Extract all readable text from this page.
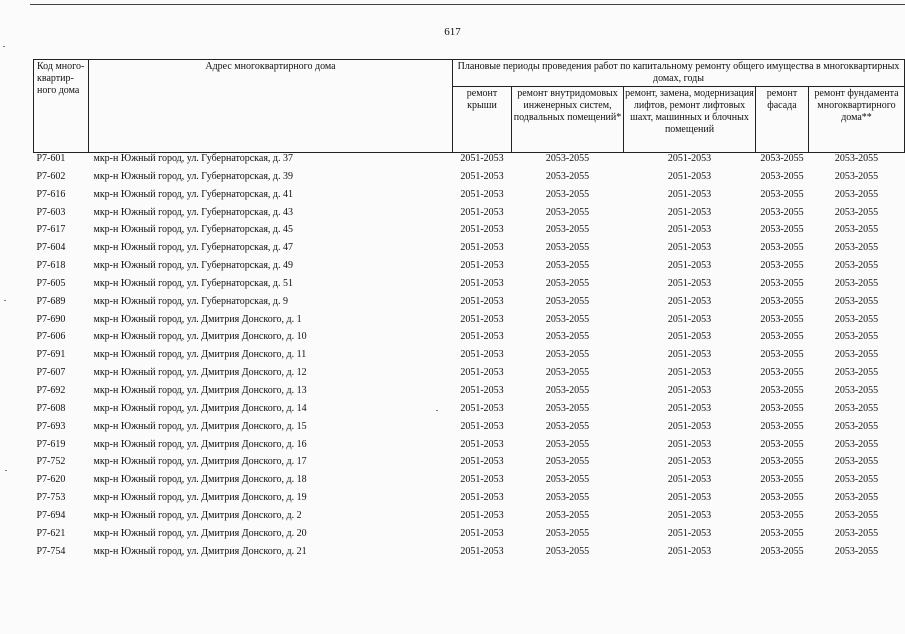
617
Код много-квартир-ного дома	Адрес многоквартирного дома	Плановые периоды проведения работ по капитальному ремонту общего имущества в многоквартирных домах, годы				
		ремонт крыши	ремонт внутридомовых инженерных систем, подвальных помещений*	ремонт, замена, модернизация лифтов, ремонт лифтовых шахт, машинных и блочных помещений	ремонт фасада	ремонт фундамента многоквартирного дома**
Р7-601	мкр-н Южный город, ул. Губернаторская, д. 37	2051-2053	2053-2055	2051-2053	2053-2055	2053-2055
Р7-602	мкр-н Южный город, ул. Губернаторская, д. 39	2051-2053	2053-2055	2051-2053	2053-2055	2053-2055
Р7-616	мкр-н Южный город, ул. Губернаторская, д. 41	2051-2053	2053-2055	2051-2053	2053-2055	2053-2055
Р7-603	мкр-н Южный город, ул. Губернаторская, д. 43	2051-2053	2053-2055	2051-2053	2053-2055	2053-2055
Р7-617	мкр-н Южный город, ул. Губернаторская, д. 45	2051-2053	2053-2055	2051-2053	2053-2055	2053-2055
Р7-604	мкр-н Южный город, ул. Губернаторская, д. 47	2051-2053	2053-2055	2051-2053	2053-2055	2053-2055
Р7-618	мкр-н Южный город, ул. Губернаторская, д. 49	2051-2053	2053-2055	2051-2053	2053-2055	2053-2055
Р7-605	мкр-н Южный город, ул. Губернаторская, д. 51	2051-2053	2053-2055	2051-2053	2053-2055	2053-2055
Р7-689	мкр-н Южный город, ул. Губернаторская, д. 9	2051-2053	2053-2055	2051-2053	2053-2055	2053-2055
Р7-690	мкр-н Южный город, ул. Дмитрия Донского, д. 1	2051-2053	2053-2055	2051-2053	2053-2055	2053-2055
Р7-606	мкр-н Южный город, ул. Дмитрия Донского, д. 10	2051-2053	2053-2055	2051-2053	2053-2055	2053-2055
Р7-691	мкр-н Южный город, ул. Дмитрия Донского, д. 11	2051-2053	2053-2055	2051-2053	2053-2055	2053-2055
Р7-607	мкр-н Южный город, ул. Дмитрия Донского, д. 12	2051-2053	2053-2055	2051-2053	2053-2055	2053-2055
Р7-692	мкр-н Южный город, ул. Дмитрия Донского, д. 13	2051-2053	2053-2055	2051-2053	2053-2055	2053-2055
Р7-608	мкр-н Южный город, ул. Дмитрия Донского, д. 14	2051-2053	2053-2055	2051-2053	2053-2055	2053-2055
Р7-693	мкр-н Южный город, ул. Дмитрия Донского, д. 15	2051-2053	2053-2055	2051-2053	2053-2055	2053-2055
Р7-619	мкр-н Южный город, ул. Дмитрия Донского, д. 16	2051-2053	2053-2055	2051-2053	2053-2055	2053-2055
Р7-752	мкр-н Южный город, ул. Дмитрия Донского, д. 17	2051-2053	2053-2055	2051-2053	2053-2055	2053-2055
Р7-620	мкр-н Южный город, ул. Дмитрия Донского, д. 18	2051-2053	2053-2055	2051-2053	2053-2055	2053-2055
Р7-753	мкр-н Южный город, ул. Дмитрия Донского, д. 19	2051-2053	2053-2055	2051-2053	2053-2055	2053-2055
Р7-694	мкр-н Южный город, ул. Дмитрия Донского, д. 2	2051-2053	2053-2055	2051-2053	2053-2055	2053-2055
Р7-621	мкр-н Южный город, ул. Дмитрия Донского, д. 20	2051-2053	2053-2055	2051-2053	2053-2055	2053-2055
Р7-754	мкр-н Южный город, ул. Дмитрия Донского, д. 21	2051-2053	2053-2055	2051-2053	2053-2055	2053-2055
